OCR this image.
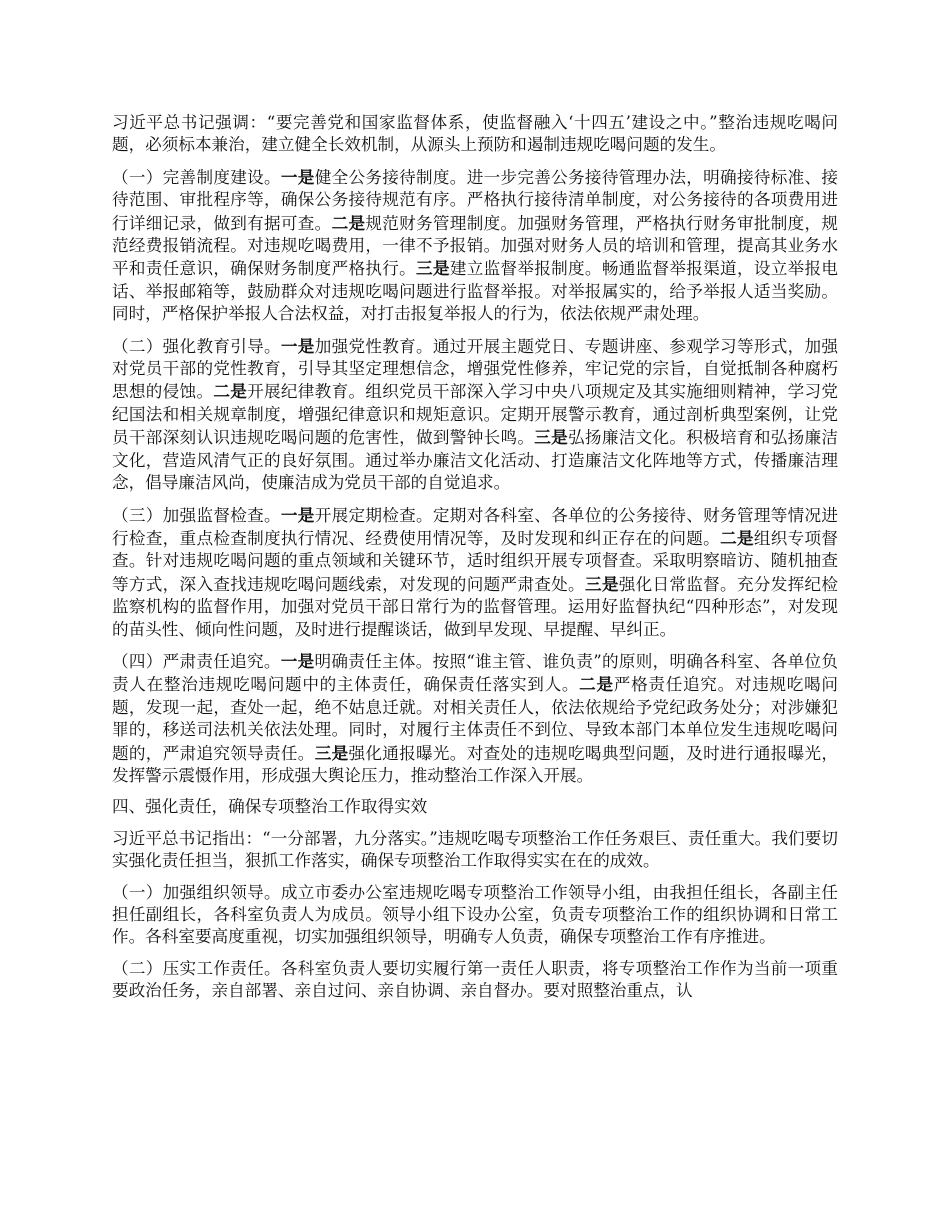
习近平总书记强调：“要完善党和国家监督体系，使监督融入‘十四五’建设之中。”整治违规吃喝问题，必须标本兼治，建立健全长效机制，从源头上预防和遏制违规吃喝问题的发生。

（一）完善制度建设。一是健全公务接待制度。进一步完善公务接待管理办法，明确接待标准、接待范围、审批程序等，确保公务接待规范有序。严格执行接待清单制度，对公务接待的各项费用进行详细记录，做到有据可查。二是规范财务管理制度。加强财务管理，严格执行财务审批制度，规范经费报销流程。对违规吃喝费用，一律不予报销。加强对财务人员的培训和管理，提高其业务水平和责任意识，确保财务制度严格执行。三是建立监督举报制度。畅通监督举报渠道，设立举报电话、举报邮箱等，鼓励群众对违规吃喝问题进行监督举报。对举报属实的，给予举报人适当奖励。同时，严格保护举报人合法权益，对打击报复举报人的行为，依法依规严肃处理。

（二）强化教育引导。一是加强党性教育。通过开展主题党日、专题讲座、参观学习等形式，加强对党员干部的党性教育，引导其坚定理想信念，增强党性修养，牢记党的宗旨，自觉抵制各种腐朽思想的侵蚀。二是开展纪律教育。组织党员干部深入学习中央八项规定及其实施细则精神，学习党纪国法和相关规章制度，增强纪律意识和规矩意识。定期开展警示教育，通过剖析典型案例，让党员干部深刻认识违规吃喝问题的危害性，做到警钟长鸣。三是弘扬廉洁文化。积极培育和弘扬廉洁文化，营造风清气正的良好氛围。通过举办廉洁文化活动、打造廉洁文化阵地等方式，传播廉洁理念，倡导廉洁风尚，使廉洁成为党员干部的自觉追求。

（三）加强监督检查。一是开展定期检查。定期对各科室、各单位的公务接待、财务管理等情况进行检查，重点检查制度执行情况、经费使用情况等，及时发现和纠正存在的问题。二是组织专项督查。针对违规吃喝问题的重点领域和关键环节，适时组织开展专项督查。采取明察暗访、随机抽查等方式，深入查找违规吃喝问题线索，对发现的问题严肃查处。三是强化日常监督。充分发挥纪检监察机构的监督作用，加强对党员干部日常行为的监督管理。运用好监督执纪“四种形态”，对发现的苗头性、倾向性问题，及时进行提醒谈话，做到早发现、早提醒、早纠正。

（四）严肃责任追究。一是明确责任主体。按照“谁主管、谁负责”的原则，明确各科室、各单位负责人在整治违规吃喝问题中的主体责任，确保责任落实到人。二是严格责任追究。对违规吃喝问题，发现一起，查处一起，绝不姑息迁就。对相关责任人，依法依规给予党纪政务处分；对涉嫌犯罪的，移送司法机关依法处理。同时，对履行主体责任不到位、导致本部门本单位发生违规吃喝问题的，严肃追究领导责任。三是强化通报曝光。对查处的违规吃喝典型问题，及时进行通报曝光，发挥警示震慑作用，形成强大舆论压力，推动整治工作深入开展。

四、强化责任，确保专项整治工作取得实效

习近平总书记指出：“一分部署，九分落实。”违规吃喝专项整治工作任务艰巨、责任重大。我们要切实强化责任担当，狠抓工作落实，确保专项整治工作取得实实在在的成效。

（一）加强组织领导。成立市委办公室违规吃喝专项整治工作领导小组，由我担任组长，各副主任担任副组长，各科室负责人为成员。领导小组下设办公室，负责专项整治工作的组织协调和日常工作。各科室要高度重视，切实加强组织领导，明确专人负责，确保专项整治工作有序推进。

（二）压实工作责任。各科室负责人要切实履行第一责任人职责，将专项整治工作作为当前一项重要政治任务，亲自部署、亲自过问、亲自协调、亲自督办。要对照整治重点，认
